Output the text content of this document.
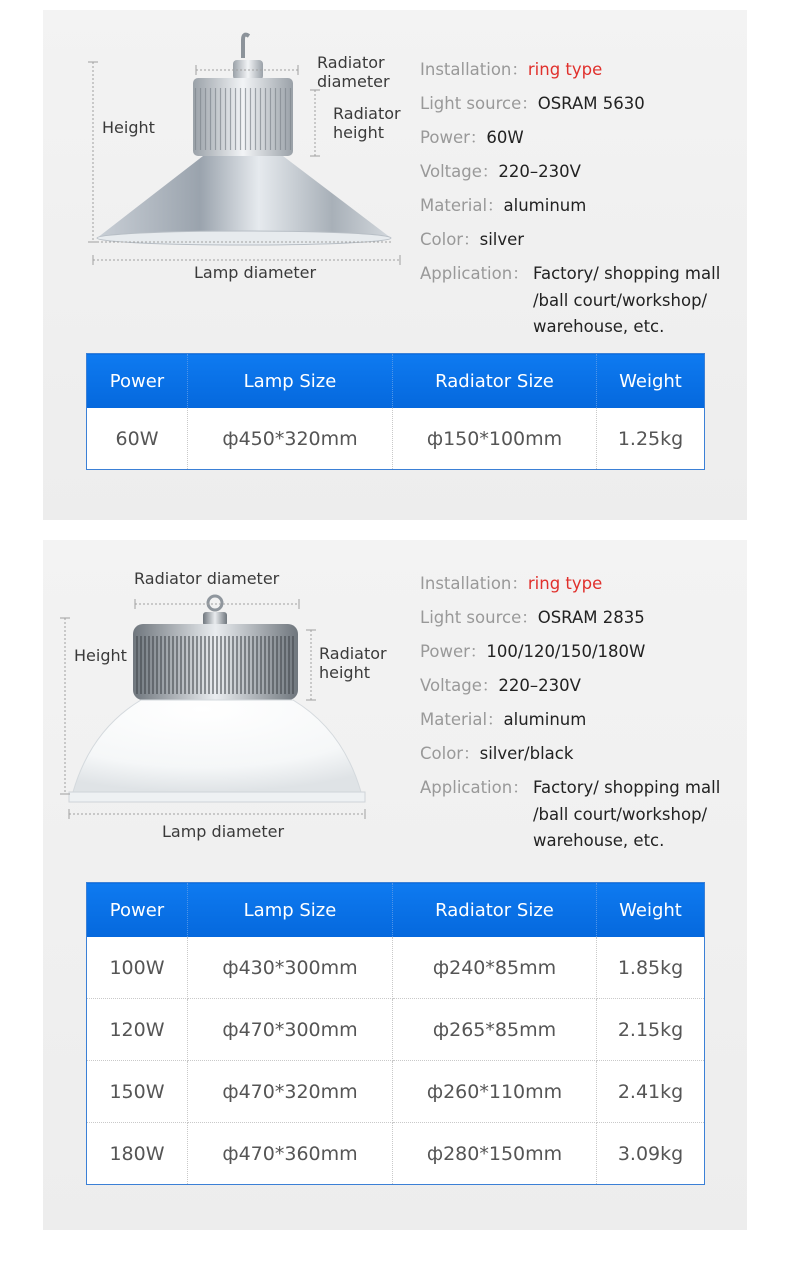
Radiator
diameter
Radiator
height
Height
Lamp diameter
Installation：ring type
Light source：OSRAM 5630
Power：60W
Voltage：220–230V
Material：aluminum
Color：silver
Application： Factory/ shopping mall
/ball court/workshop/
warehouse, etc.
Power	Lamp Size	Radiator Size	Weight
60W	ф450*320mm	ф150*100mm	1.25kg
Radiator diameter
Radiator
height
Height
Lamp diameter
Installation：ring type
Light source：OSRAM 2835
Power：100/120/150/180W
Voltage：220–230V
Material：aluminum
Color：silver/black
Application： Factory/ shopping mall
/ball court/workshop/
warehouse, etc.
Power	Lamp Size	Radiator Size	Weight
100W	ф430*300mm	ф240*85mm	1.85kg
120W	ф470*300mm	ф265*85mm	2.15kg
150W	ф470*320mm	ф260*110mm	2.41kg
180W	ф470*360mm	ф280*150mm	3.09kg
